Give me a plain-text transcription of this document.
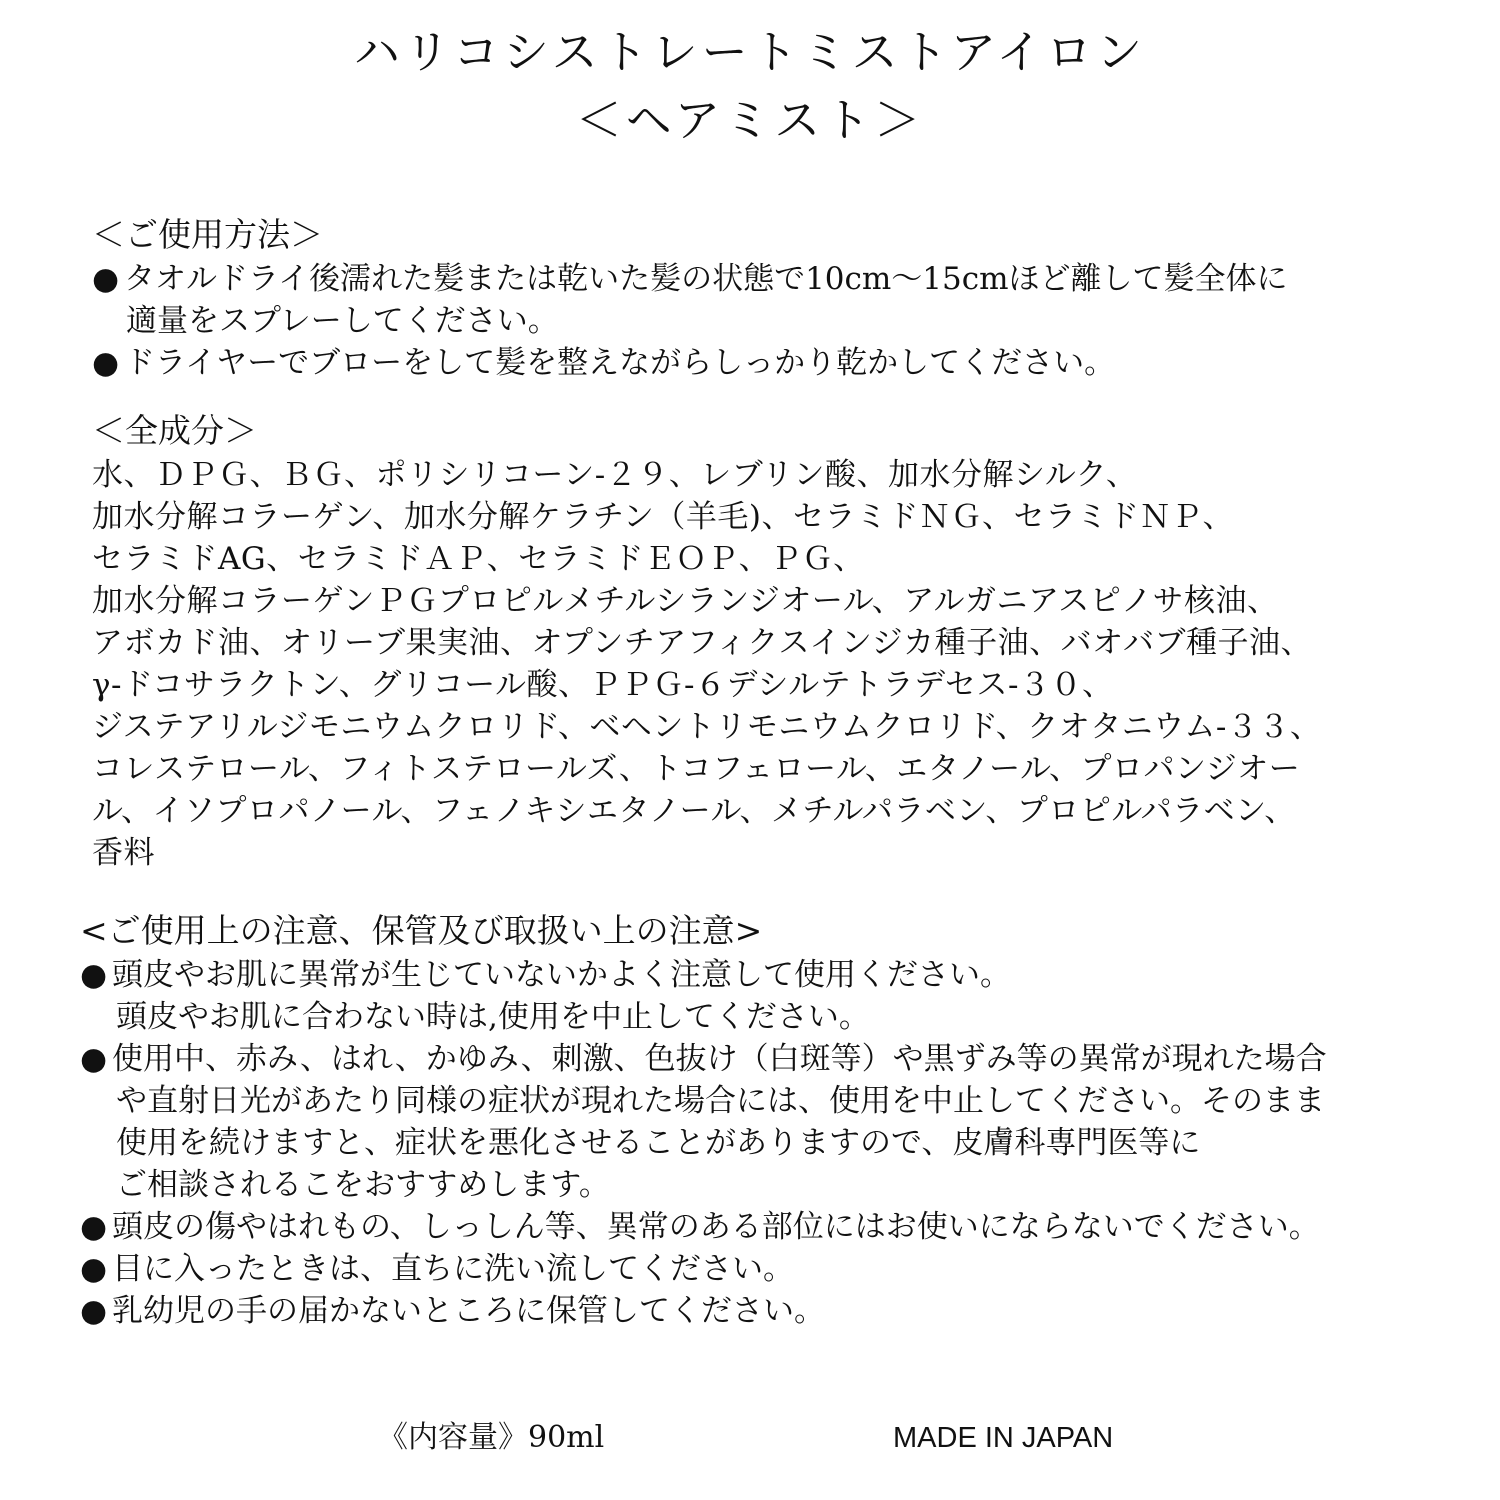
ハリコシストレートミストアイロン
＜ヘアミスト＞
＜ご使用方法＞
● タオルドライ後濡れた髪または乾いた髪の状態で10cm〜15cmほど離して髪全体に
適量をスプレーしてください。
● ドライヤーでブローをして髪を整えながらしっかり乾かしてください。
＜全成分＞
水、ＤＰＧ、ＢＧ、ポリシリコーン-２９、レブリン酸、加水分解シルク、
加水分解コラーゲン、加水分解ケラチン（羊毛)、セラミドＮＧ、セラミドＮＰ、
セラミドAG、セラミドＡＰ、セラミドＥＯＰ、ＰＧ、
加水分解コラーゲンＰＧプロピルメチルシランジオール、アルガニアスピノサ核油、
アボカド油、オリーブ果実油、オプンチアフィクスインジカ種子油、バオバブ種子油、
γ-ドコサラクトン、グリコール酸、ＰＰＧ-６デシルテトラデセス-３０、
ジステアリルジモニウムクロリド、ベヘントリモニウムクロリド、クオタニウム-３３、
コレステロール、フィトステロールズ、トコフェロール、エタノール、プロパンジオー
ル、イソプロパノール、フェノキシエタノール、メチルパラベン、プロピルパラベン、
香料
<ご使用上の注意、保管及び取扱い上の注意>
● 頭皮やお肌に異常が生じていないかよく注意して使用ください。
頭皮やお肌に合わない時は,使用を中止してください。
● 使用中、赤み、はれ、かゆみ、刺激、色抜け（白斑等）や黒ずみ等の異常が現れた場合
や直射日光があたり同様の症状が現れた場合には、使用を中止してください。そのまま
使用を続けますと、症状を悪化させることがありますので、皮膚科専門医等に
ご相談されるこをおすすめします。
● 頭皮の傷やはれもの、しっしん等、異常のある部位にはお使いにならないでください。
● 目に入ったときは、直ちに洗い流してください。
● 乳幼児の手の届かないところに保管してください。
《内容量》90ml	MADE IN JAPAN
